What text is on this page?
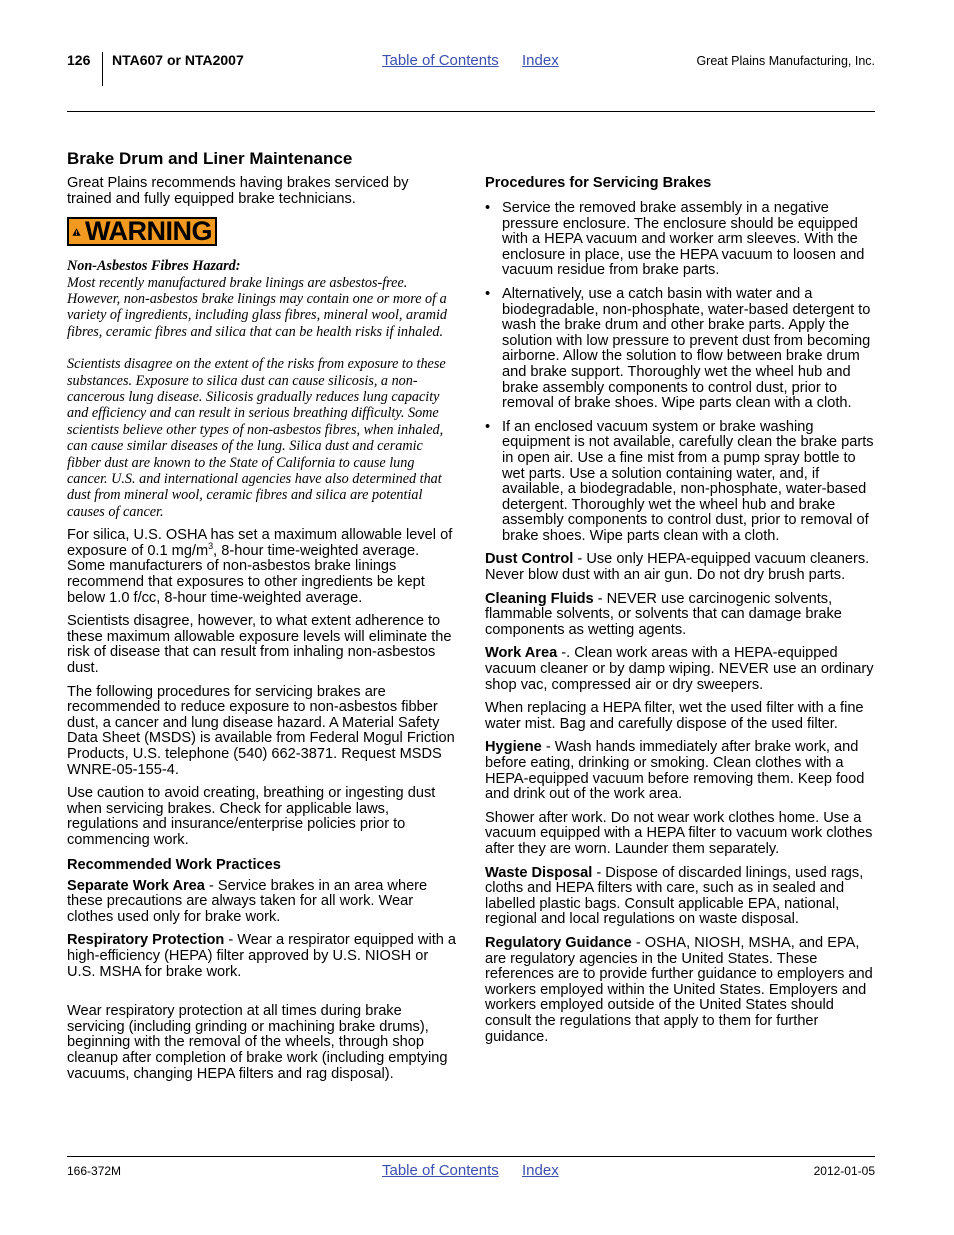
126 NTA607 or NTA2007	Table of Contents Index	Great Plains Manufacturing, Inc.
Brake Drum and Liner Maintenance

Great Plains recommends having brakes serviced by trained and fully equipped brake technicians.

WARNING
Non-Asbestos Fibres Hazard:

Most recently manufactured brake linings are asbestos-free. However, non-asbestos brake linings may contain one or more of a variety of ingredients, including glass fibres, mineral wool, aramid fibres, ceramic fibres and silica that can be health risks if inhaled.

Scientists disagree on the extent of the risks from exposure to these substances. Exposure to silica dust can cause silicosis, a non-cancerous lung disease. Silicosis gradually reduces lung capacity and efficiency and can result in serious breathing difficulty. Some scientists believe other types of non-asbestos fibres, when inhaled, can cause similar diseases of the lung. Silica dust and ceramic fibber dust are known to the State of California to cause lung cancer. U.S. and international agencies have also determined that dust from mineral wool, ceramic fibres and silica are potential causes of cancer.

For silica, U.S. OSHA has set a maximum allowable level of exposure of 0.1 $mg/m^3$, 8-hour time-weighted average. Some manufacturers of non-asbestos brake linings recommend that exposures to other ingredients be kept below 1.0 f/cc, 8-hour time-weighted average.

Scientists disagree, however, to what extent adherence to these maximum allowable exposure levels will eliminate the risk of disease that can result from inhaling non-asbestos dust.

The following procedures for servicing brakes are recommended to reduce exposure to non-asbestos fibber dust, a cancer and lung disease hazard. A Material Safety Data Sheet (MSDS) is available from Federal Mogul Friction Products, U.S. telephone (540) 662-3871. Request MSDS WNRE-05-155-4.

Use caution to avoid creating, breathing or ingesting dust when servicing brakes. Check for applicable laws, regulations and insurance/enterprise policies prior to commencing work.

Recommended Work Practices

Separate Work Area - Service brakes in an area where these precautions are always taken for all work. Wear clothes used only for brake work.

Respiratory Protection - Wear a respirator equipped with a high-efficiency (HEPA) filter approved by U.S. NIOSH or U.S. MSHA for brake work.

Wear respiratory protection at all times during brake servicing (including grinding or machining brake drums), beginning with the removal of the wheels, through shop cleanup after completion of brake work (including emptying vacuums, changing HEPA filters and rag disposal).

Procedures for Servicing Brakes
• Service the removed brake assembly in a negative pressure enclosure. The enclosure should be equipped with a HEPA vacuum and worker arm sleeves. With the enclosure in place, use the HEPA vacuum to loosen and vacuum residue from brake parts.
• Alternatively, use a catch basin with water and a biodegradable, non-phosphate, water-based detergent to wash the brake drum and other brake parts. Apply the solution with low pressure to prevent dust from becoming airborne. Allow the solution to flow between brake drum and brake support. Thoroughly wet the wheel hub and brake assembly components to control dust, prior to removal of brake shoes. Wipe parts clean with a cloth.
• If an enclosed vacuum system or brake washing equipment is not available, carefully clean the brake parts in open air. Use a fine mist from a pump spray bottle to wet parts. Use a solution containing water, and, if available, a biodegradable, non-phosphate, water-based detergent. Thoroughly wet the wheel hub and brake assembly components to control dust, prior to removal of brake shoes. Wipe parts clean with a cloth.

Dust Control - Use only HEPA-equipped vacuum cleaners. Never blow dust with an air gun. Do not dry brush parts.

Cleaning Fluids - NEVER use carcinogenic solvents, flammable solvents, or solvents that can damage brake components as wetting agents.

Work Area -. Clean work areas with a HEPA-equipped vacuum cleaner or by damp wiping. NEVER use an ordinary shop vac, compressed air or dry sweepers.

When replacing a HEPA filter, wet the used filter with a fine water mist. Bag and carefully dispose of the used filter.

Hygiene - Wash hands immediately after brake work, and before eating, drinking or smoking. Clean clothes with a HEPA-equipped vacuum before removing them. Keep food and drink out of the work area.

Shower after work. Do not wear work clothes home. Use a vacuum equipped with a HEPA filter to vacuum work clothes after they are worn. Launder them separately.

Waste Disposal - Dispose of discarded linings, used rags, cloths and HEPA filters with care, such as in sealed and labelled plastic bags. Consult applicable EPA, national, regional and local regulations on waste disposal.

Regulatory Guidance - OSHA, NIOSH, MSHA, and EPA, are regulatory agencies in the United States. These references are to provide further guidance to employers and workers employed within the United States. Employers and workers employed outside of the United States should consult the regulations that apply to them for further guidance.

166-372M	Table of Contents Index	2012-01-05
